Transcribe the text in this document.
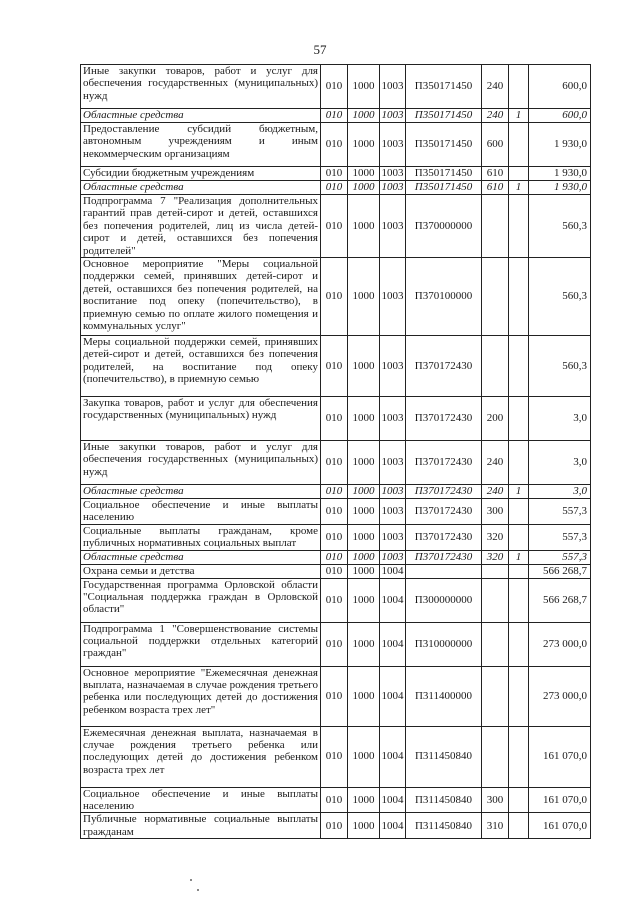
57
Иные закупки товаров, работ и услуг для обеспечения государственных (муниципальных) нужд	010	1000	1003	П350171450	240		600,0
Областные средства	010	1000	1003	П350171450	240	1	600,0
Предоставление субсидий бюджетным, автономным учреждениям и иным некоммерческим организациям	010	1000	1003	П350171450	600		1 930,0
Субсидии бюджетным учреждениям	010	1000	1003	П350171450	610		1 930,0
Областные средства	010	1000	1003	П350171450	610	1	1 930,0
Подпрограмма 7 "Реализация дополнительных гарантий прав детей-сирот и детей, оставшихся без попечения родителей, лиц из числа детей-сирот и детей, оставшихся без попечения родителей"	010	1000	1003	П370000000			560,3
Основное мероприятие "Меры социальной поддержки семей, принявших детей-сирот и детей, оставшихся без попечения родителей, на воспитание под опеку (попечительство), в приемную семью по оплате жилого помещения и коммунальных услуг"	010	1000	1003	П370100000			560,3
Меры социальной поддержки семей, принявших детей-сирот и детей, оставшихся без попечения родителей, на воспитание под опеку (попечительство), в приемную семью	010	1000	1003	П370172430			560,3
Закупка товаров, работ и услуг для обеспечения государственных (муниципальных) нужд	010	1000	1003	П370172430	200		3,0
Иные закупки товаров, работ и услуг для обеспечения государственных (муниципальных) нужд	010	1000	1003	П370172430	240		3,0
Областные средства	010	1000	1003	П370172430	240	1	3,0
Социальное обеспечение и иные выплаты населению	010	1000	1003	П370172430	300		557,3
Социальные выплаты гражданам, кроме публичных нормативных социальных выплат	010	1000	1003	П370172430	320		557,3
Областные средства	010	1000	1003	П370172430	320	1	557,3
Охрана семьи и детства	010	1000	1004				566 268,7
Государственная программа Орловской области "Социальная поддержка граждан в Орловской области"	010	1000	1004	П300000000			566 268,7
Подпрограмма 1 "Совершенствование системы социальной поддержки отдельных категорий граждан"	010	1000	1004	П310000000			273 000,0
Основное мероприятие "Ежемесячная денежная выплата, назначаемая в случае рождения третьего ребенка или последующих детей до достижения ребенком возраста трех лет"	010	1000	1004	П311400000			273 000,0
Ежемесячная денежная выплата, назначаемая в случае рождения третьего ребенка или последующих детей до достижения ребенком возраста трех лет	010	1000	1004	П311450840			161 070,0
Социальное обеспечение и иные выплаты населению	010	1000	1004	П311450840	300		161 070,0
Публичные нормативные социальные выплаты гражданам	010	1000	1004	П311450840	310		161 070,0
